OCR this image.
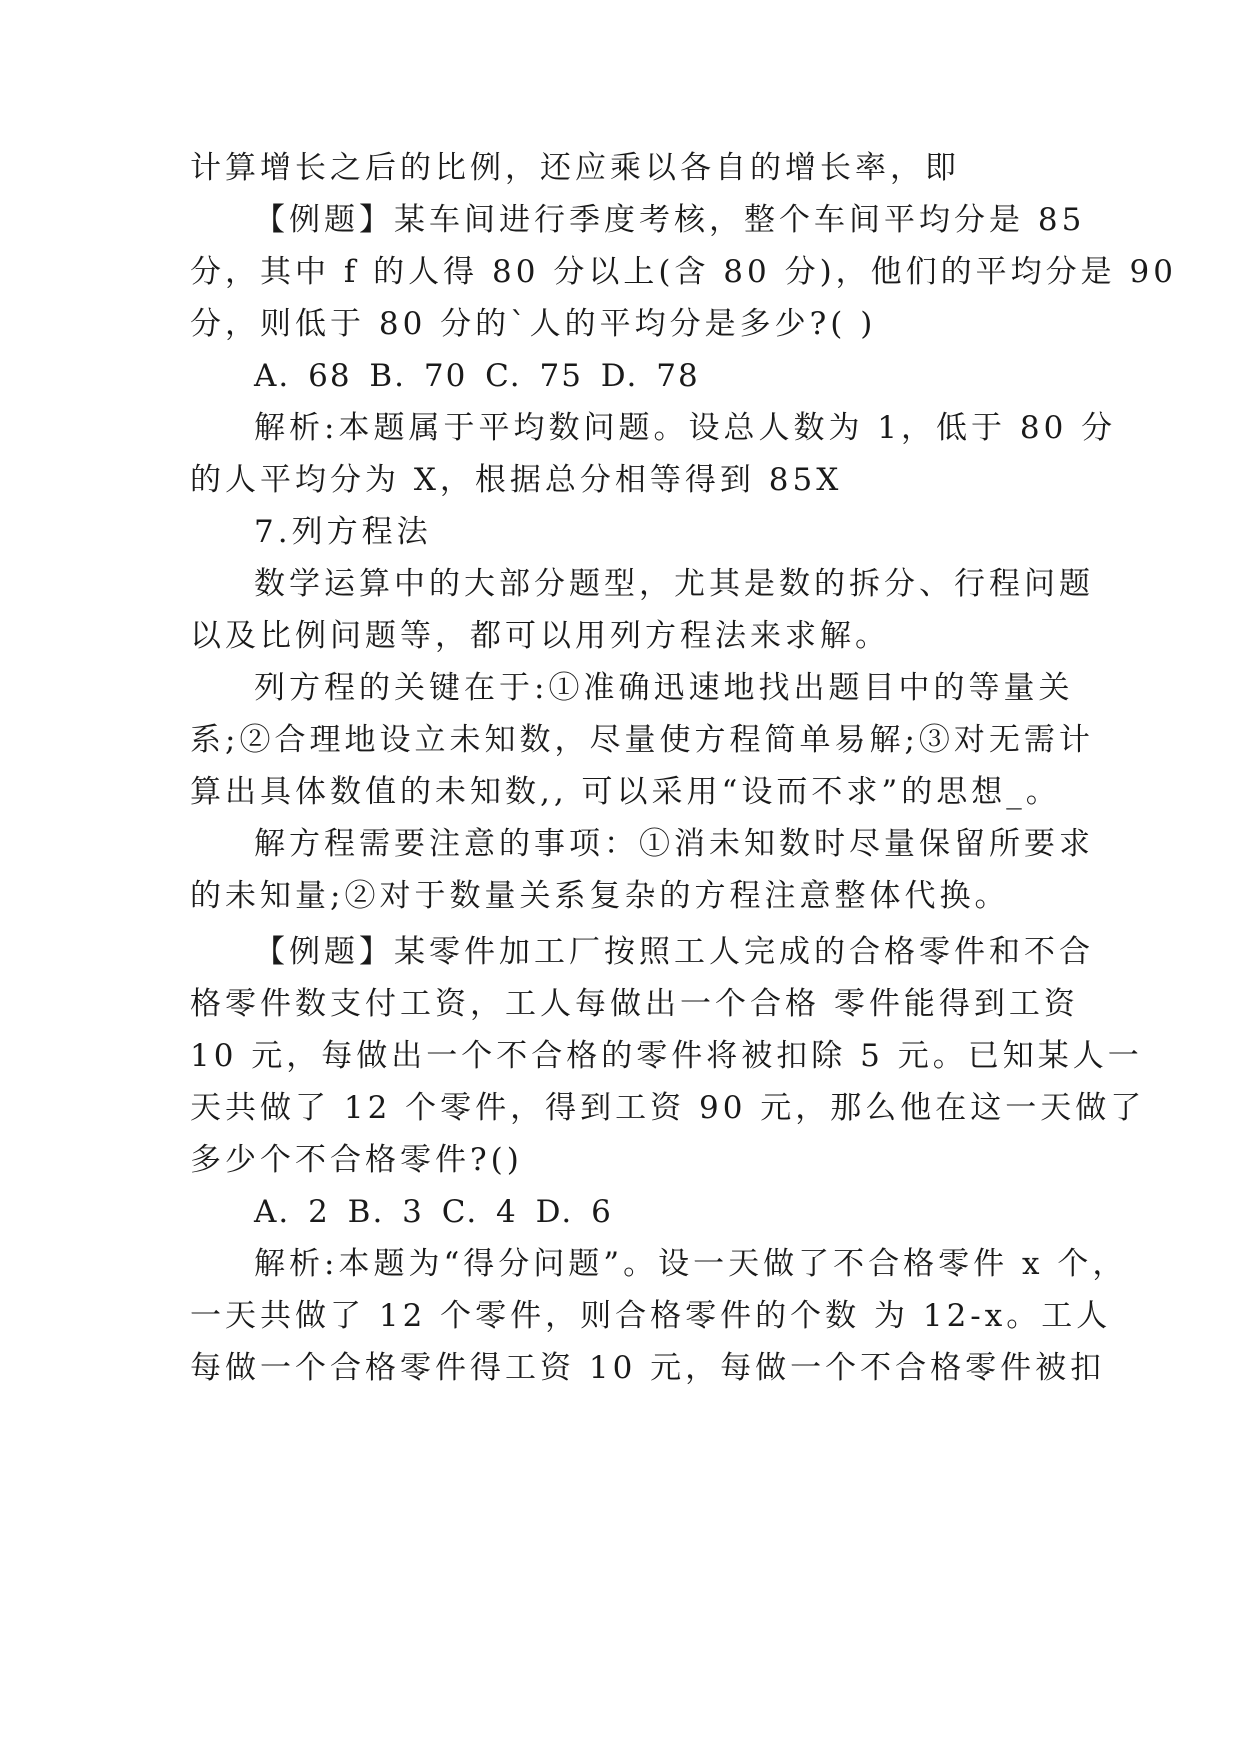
计算增长之后的比例，还应乘以各自的增长率，即
【例题】某车间进行季度考核，整个车间平均分是 85
分，其中 f 的人得 80 分以上(含 80 分)，他们的平均分是 90
分，则低于 80 分的`人的平均分是多少?( )
A. 68 B. 70 C. 75 D. 78
解析:本题属于平均数问题。设总人数为 1，低于 80 分
的人平均分为 X，根据总分相等得到 85X
7.列方程法
数学运算中的大部分题型，尤其是数的拆分、行程问题
以及比例问题等，都可以用列方程法来求解。
列方程的关键在于:①准确迅速地找出题目中的等量关
系;②合理地设立未知数，尽量使方程简单易解;③对无需计
算出具体数值的未知数,, 可以采用“设而不求”的思想_。
解方程需要注意的事项：①消未知数时尽量保留所要求
的未知量;②对于数量关系复杂的方程注意整体代换。
【例题】某零件加工厂按照工人完成的合格零件和不合
格零件数支付工资，工人每做出一个合格 零件能得到工资
10 元，每做出一个不合格的零件将被扣除 5 元。已知某人一
天共做了 12 个零件，得到工资 90 元，那么他在这一天做了
多少个不合格零件?()
A. 2 B. 3 C. 4 D. 6
解析:本题为“得分问题”。设一天做了不合格零件 x 个，
一天共做了 12 个零件，则合格零件的个数 为 12-x。工人
每做一个合格零件得工资 10 元，每做一个不合格零件被扣
